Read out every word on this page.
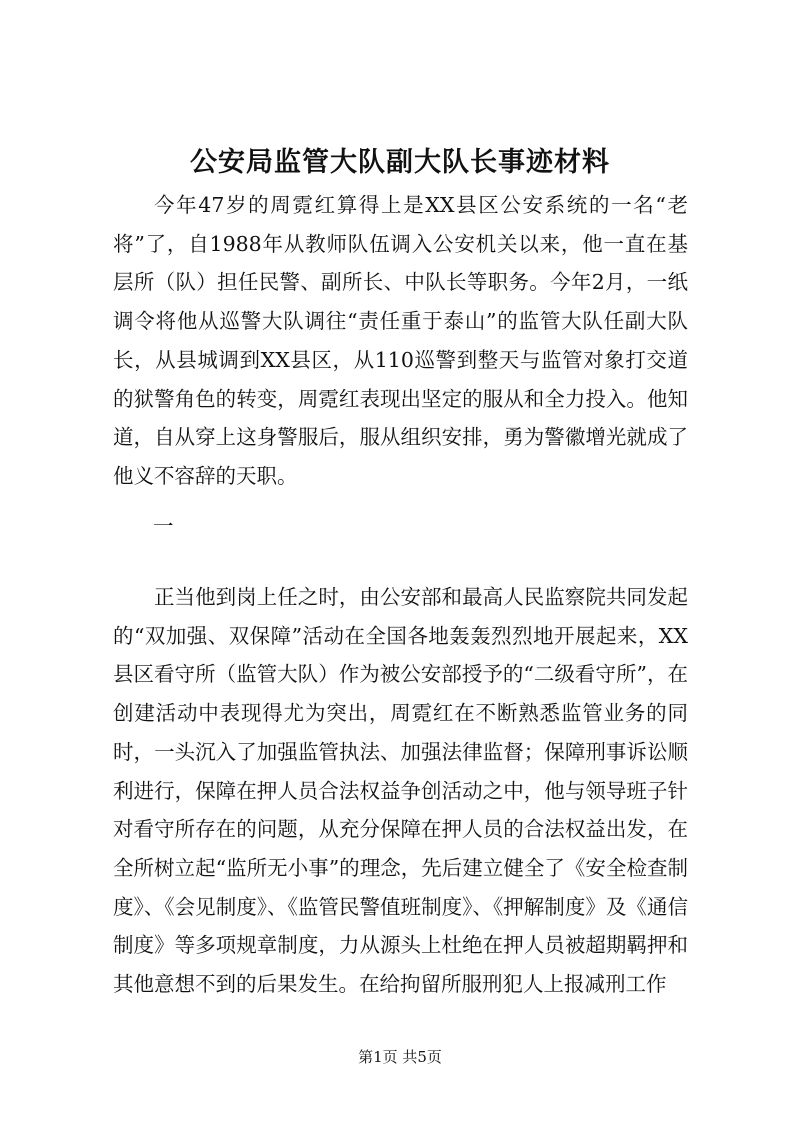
公安局监管大队副大队长事迹材料

今年47岁的周霓红算得上是XX县区公安系统的一名“老将”了，自1988年从教师队伍调入公安机关以来，他一直在基层所（队）担任民警、副所长、中队长等职务。今年2月，一纸调令将他从巡警大队调往“责任重于泰山”的监管大队任副大队长，从县城调到XX县区，从110巡警到整天与监管对象打交道的狱警角色的转变，周霓红表现出坚定的服从和全力投入。他知道，自从穿上这身警服后，服从组织安排，勇为警徽增光就成了他义不容辞的天职。

一

正当他到岗上任之时，由公安部和最高人民监察院共同发起的“双加强、双保障”活动在全国各地轰轰烈烈地开展起来，XX县区看守所（监管大队）作为被公安部授予的“二级看守所”，在创建活动中表现得尤为突出，周霓红在不断熟悉监管业务的同时，一头沉入了加强监管执法、加强法律监督；保障刑事诉讼顺利进行，保障在押人员合法权益争创活动之中，他与领导班子针对看守所存在的问题，从充分保障在押人员的合法权益出发，在全所树立起“监所无小事”的理念，先后建立健全了《安全检查制度》、《会见制度》、《监管民警值班制度》、《押解制度》及《通信制度》等多项规章制度，力从源头上杜绝在押人员被超期羁押和其他意想不到的后果发生。在给拘留所服刑犯人上报减刑工作

第1页 共5页
